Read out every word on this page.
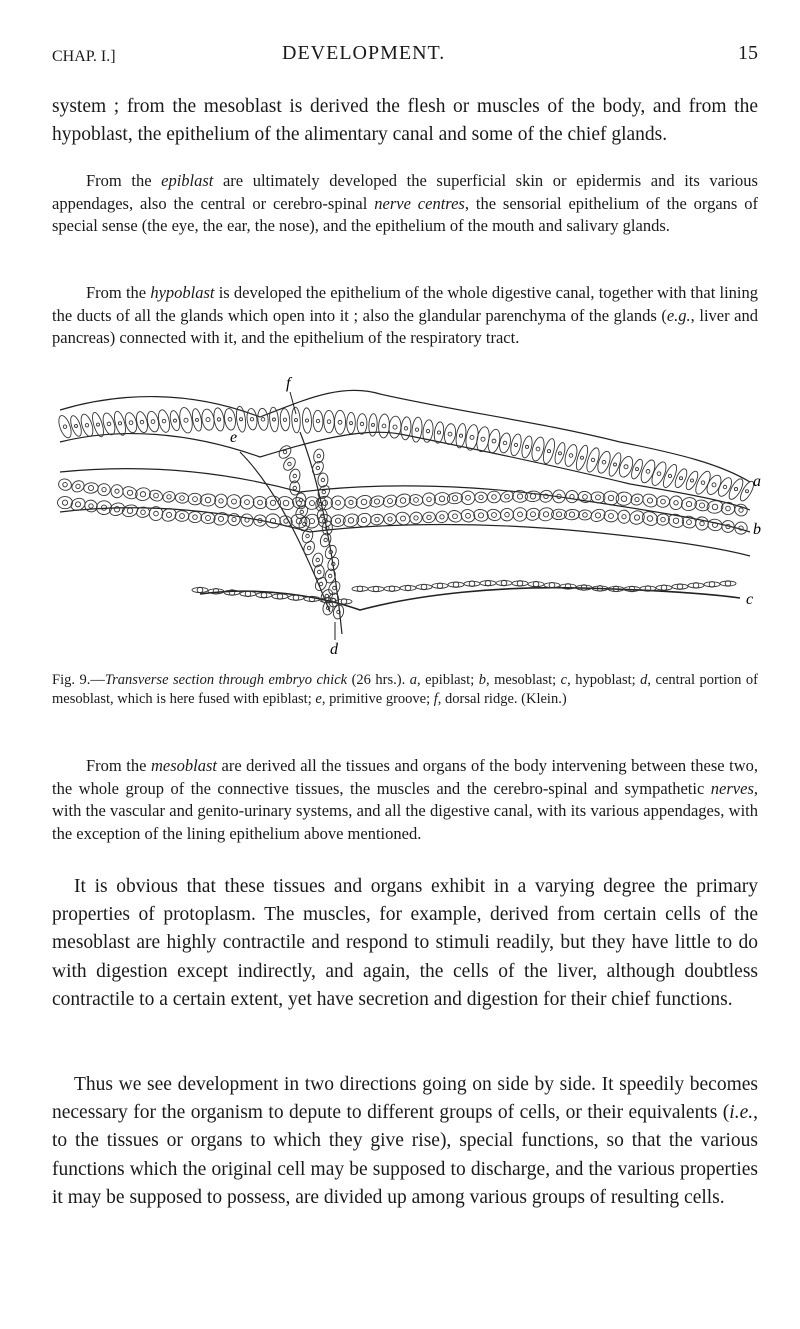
CHAP. I.]	DEVELOPMENT.	15

system ; from the mesoblast is derived the flesh or muscles of the body, and from the hypoblast, the epithelium of the alimentary canal and some of the chief glands.

From the epiblast are ultimately developed the superficial skin or epidermis and its various appendages, also the central or cerebro-spinal nerve centres, the sensorial epithelium of the organs of special sense (the eye, the ear, the nose), and the epithelium of the mouth and salivary glands.

From the hypoblast is developed the epithelium of the whole digestive canal, together with that lining the ducts of all the glands which open into it ; also the glandular parenchyma of the glands (e.g., liver and pancreas) connected with it, and the epithelium of the respiratory tract.

a
b
c
d
e
f

Fig. 9.—Transverse section through embryo chick (26 hrs.). a, epiblast; b, mesoblast; c, hypoblast; d, central portion of mesoblast, which is here fused with epiblast; e, primitive groove; f, dorsal ridge. (Klein.)

From the mesoblast are derived all the tissues and organs of the body intervening between these two, the whole group of the connective tissues, the muscles and the cerebro-spinal and sympathetic nerves, with the vascular and genito-urinary systems, and all the digestive canal, with its various appendages, with the exception of the lining epithelium above mentioned.

It is obvious that these tissues and organs exhibit in a varying degree the primary properties of protoplasm. The muscles, for example, derived from certain cells of the mesoblast are highly contractile and respond to stimuli readily, but they have little to do with digestion except indirectly, and again, the cells of the liver, although doubtless contractile to a certain extent, yet have secretion and digestion for their chief functions.

Thus we see development in two directions going on side by side. It speedily becomes necessary for the organism to depute to different groups of cells, or their equivalents (i.e., to the tissues or organs to which they give rise), special functions, so that the various functions which the original cell may be supposed to discharge, and the various properties it may be supposed to possess, are divided up among various groups of resulting cells.
